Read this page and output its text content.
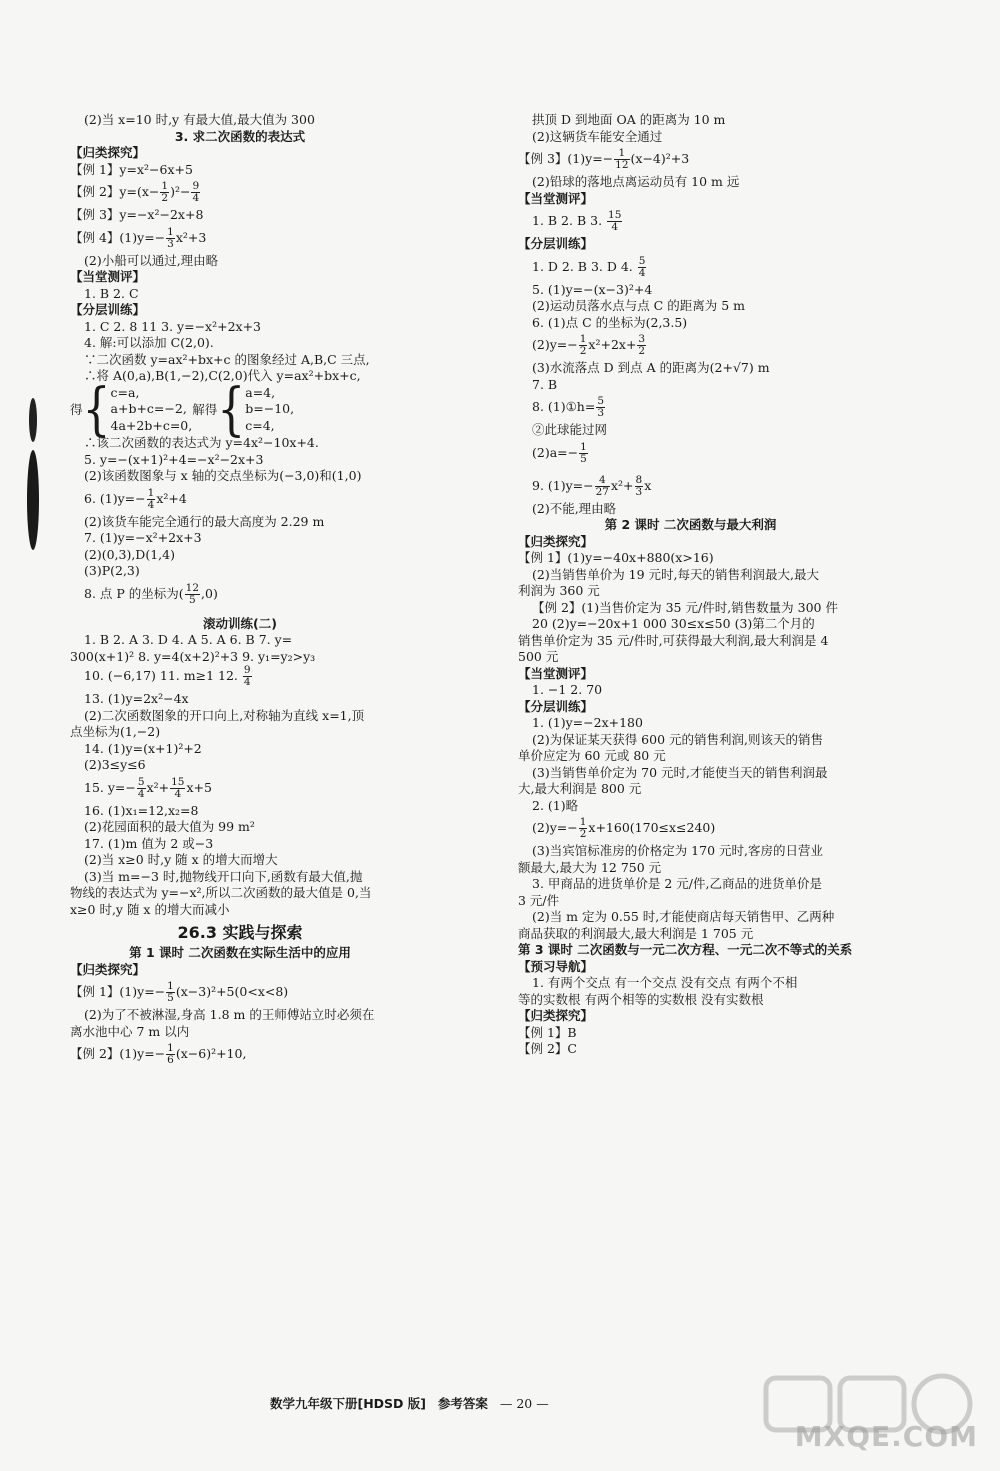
(2)当 x=10 时,y 有最大值,最大值为 300
3. 求二次函数的表达式
【归类探究】
【例 1】y=x²−6x+5
【例 2】$y=(x- \frac{1}{2} )^2- \frac{9}{4}$
【例 3】y=−x²−2x+8
【例 4】$(1)y=- \frac{1}{3} x^2+3$
(2)小船可以通过,理由略
【当堂测评】
1. B 2. C
【分层训练】
1. C 2. 8 11 3. y=−x²+2x+3
4. 解:可以添加 C(2,0).
∵二次函数 y=ax²+bx+c 的图象经过 A,B,C 三点,
∴将 A(0,a),B(1,−2),C(2,0)代入 y=ax²+bx+c,
得 { c=a,
a+b+c=−2,
4a+2b+c=0,
解得 { a=4,
b=−10,
c=4,
∴该二次函数的表达式为 y=4x²−10x+4.
5. y=−(x+1)²+4=−x²−2x+3
(2)该函数图象与 x 轴的交点坐标为(−3,0)和(1,0)
6. $(1)y=- \frac{1}{4} x^2+4$
(2)该货车能完全通行的最大高度为 2.29 m
7. (1)y=−x²+2x+3
(2)(0,3),D(1,4)
(3)P(2,3)
8. 点 P 的坐标为( $\frac{12}{5} ,0$)
滚动训练(二)
1. B 2. A 3. D 4. A 5. A 6. B 7. y=
300(x+1)² 8. y=4(x+2)²+3 9. y₁=y₂>y₃
10. (−6,17) 11. m≥1 12. $\frac{9}{4}$
13. (1)y=2x²−4x
(2)二次函数图象的开口向上,对称轴为直线 x=1,顶
点坐标为(1,−2)
14. (1)y=(x+1)²+2
(2)3≤y≤6
15. $y=- \frac{5}{4} x^2+ \frac{15}{4} x+5$
16. (1)x₁=12,x₂=8
(2)花园面积的最大值为 99 m²
17. (1)m 值为 2 或−3
(2)当 x≥0 时,y 随 x 的增大而增大
(3)当 m=−3 时,抛物线开口向下,函数有最大值,抛
物线的表达式为 y=−x²,所以二次函数的最大值是 0,当
x≥0 时,y 随 x 的增大而减小
26.3 实践与探索
第 1 课时 二次函数在实际生活中的应用
【归类探究】
【例 1】$(1)y=- \frac{1}{5} (x-3)^2+5(0<x<8)$
(2)为了不被淋湿,身高 1.8 m 的王师傅站立时必须在
离水池中心 7 m 以内
【例 2】$(1)y=- \frac{1}{6} (x-6)^2+10$,
拱顶 D 到地面 OA 的距离为 10 m
(2)这辆货车能安全通过
【例 3】$(1)y=- \frac{1}{12} (x-4)^2+3$
(2)铅球的落地点离运动员有 10 m 远
【当堂测评】
1. B 2. B 3. $\frac{15}{4}$
【分层训练】
1. D 2. B 3. D 4. $\frac{5}{4}$
5. (1)y=−(x−3)²+4
(2)运动员落水点与点 C 的距离为 5 m
6. (1)点 C 的坐标为(2,3.5)
$(2)y=- \frac{1}{2} x^2+2x+ \frac{3}{2}$
(3)水流落点 D 到点 A 的距离为(2+√7) m
7. B
8. (1)①h= $\frac{5}{3}$
②此球能过网
$(2)a=- \frac{1}{5}$
9. $(1)y=- \frac{4}{27} x^2+ \frac{8}{3}$ x
(2)不能,理由略
第 2 课时 二次函数与最大利润
【归类探究】
【例 1】(1)y=−40x+880(x>16)
(2)当销售单价为 19 元时,每天的销售利润最大,最大
利润为 360 元
【例 2】(1)当售价定为 35 元/件时,销售数量为 300 件
20 (2)y=−20x+1 000 30≤x≤50 (3)第二个月的
销售单价定为 35 元/件时,可获得最大利润,最大利润是 4
500 元
【当堂测评】
1. −1 2. 70
【分层训练】
1. (1)y=−2x+180
(2)为保证某天获得 600 元的销售利润,则该天的销售
单价应定为 60 元或 80 元
(3)当销售单价定为 70 元时,才能使当天的销售利润最
大,最大利润是 800 元
2. (1)略
$(2)y=- \frac{1}{2} x+160(170\le x\le 240)$
(3)当宾馆标准房的价格定为 170 元时,客房的日营业
额最大,最大为 12 750 元
3. 甲商品的进货单价是 2 元/件,乙商品的进货单价是
3 元/件
(2)当 m 定为 0.55 时,才能使商店每天销售甲、乙两种
商品获取的利润最大,最大利润是 1 705 元
第 3 课时 二次函数与一元二次方程、一元二次不等式的关系
【预习导航】
1. 有两个交点 有一个交点 没有交点 有两个不相
等的实数根 有两个相等的实数根 没有实数根
【归类探究】
【例 1】B
【例 2】C
数学九年级下册[HDSD 版] 参考答案 — 20 —
MXQE.COM
